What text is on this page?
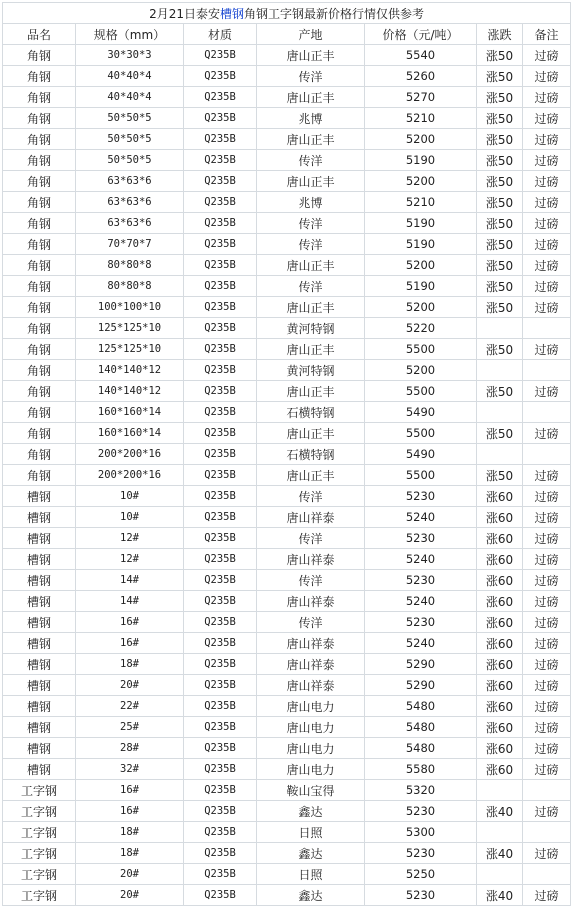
2月21日泰安槽钢角钢工字钢最新价格行情仅供参考						
品名	规格（mm）	材质	产地	价格（元/吨）	涨跌	备注
角钢	30*30*3	Q235B	唐山正丰	5540	涨50	过磅
角钢	40*40*4	Q235B	传洋	5260	涨50	过磅
角钢	40*40*4	Q235B	唐山正丰	5270	涨50	过磅
角钢	50*50*5	Q235B	兆博	5210	涨50	过磅
角钢	50*50*5	Q235B	唐山正丰	5200	涨50	过磅
角钢	50*50*5	Q235B	传洋	5190	涨50	过磅
角钢	63*63*6	Q235B	唐山正丰	5200	涨50	过磅
角钢	63*63*6	Q235B	兆博	5210	涨50	过磅
角钢	63*63*6	Q235B	传洋	5190	涨50	过磅
角钢	70*70*7	Q235B	传洋	5190	涨50	过磅
角钢	80*80*8	Q235B	唐山正丰	5200	涨50	过磅
角钢	80*80*8	Q235B	传洋	5190	涨50	过磅
角钢	100*100*10	Q235B	唐山正丰	5200	涨50	过磅
角钢	125*125*10	Q235B	黄河特钢	5220		
角钢	125*125*10	Q235B	唐山正丰	5500	涨50	过磅
角钢	140*140*12	Q235B	黄河特钢	5200		
角钢	140*140*12	Q235B	唐山正丰	5500	涨50	过磅
角钢	160*160*14	Q235B	石横特钢	5490		
角钢	160*160*14	Q235B	唐山正丰	5500	涨50	过磅
角钢	200*200*16	Q235B	石横特钢	5490		
角钢	200*200*16	Q235B	唐山正丰	5500	涨50	过磅
槽钢	10#	Q235B	传洋	5230	涨60	过磅
槽钢	10#	Q235B	唐山祥泰	5240	涨60	过磅
槽钢	12#	Q235B	传洋	5230	涨60	过磅
槽钢	12#	Q235B	唐山祥泰	5240	涨60	过磅
槽钢	14#	Q235B	传洋	5230	涨60	过磅
槽钢	14#	Q235B	唐山祥泰	5240	涨60	过磅
槽钢	16#	Q235B	传洋	5230	涨60	过磅
槽钢	16#	Q235B	唐山祥泰	5240	涨60	过磅
槽钢	18#	Q235B	唐山祥泰	5290	涨60	过磅
槽钢	20#	Q235B	唐山祥泰	5290	涨60	过磅
槽钢	22#	Q235B	唐山电力	5480	涨60	过磅
槽钢	25#	Q235B	唐山电力	5480	涨60	过磅
槽钢	28#	Q235B	唐山电力	5480	涨60	过磅
槽钢	32#	Q235B	唐山电力	5580	涨60	过磅
工字钢	16#	Q235B	鞍山宝得	5320		
工字钢	16#	Q235B	鑫达	5230	涨40	过磅
工字钢	18#	Q235B	日照	5300		
工字钢	18#	Q235B	鑫达	5230	涨40	过磅
工字钢	20#	Q235B	日照	5250		
工字钢	20#	Q235B	鑫达	5230	涨40	过磅
